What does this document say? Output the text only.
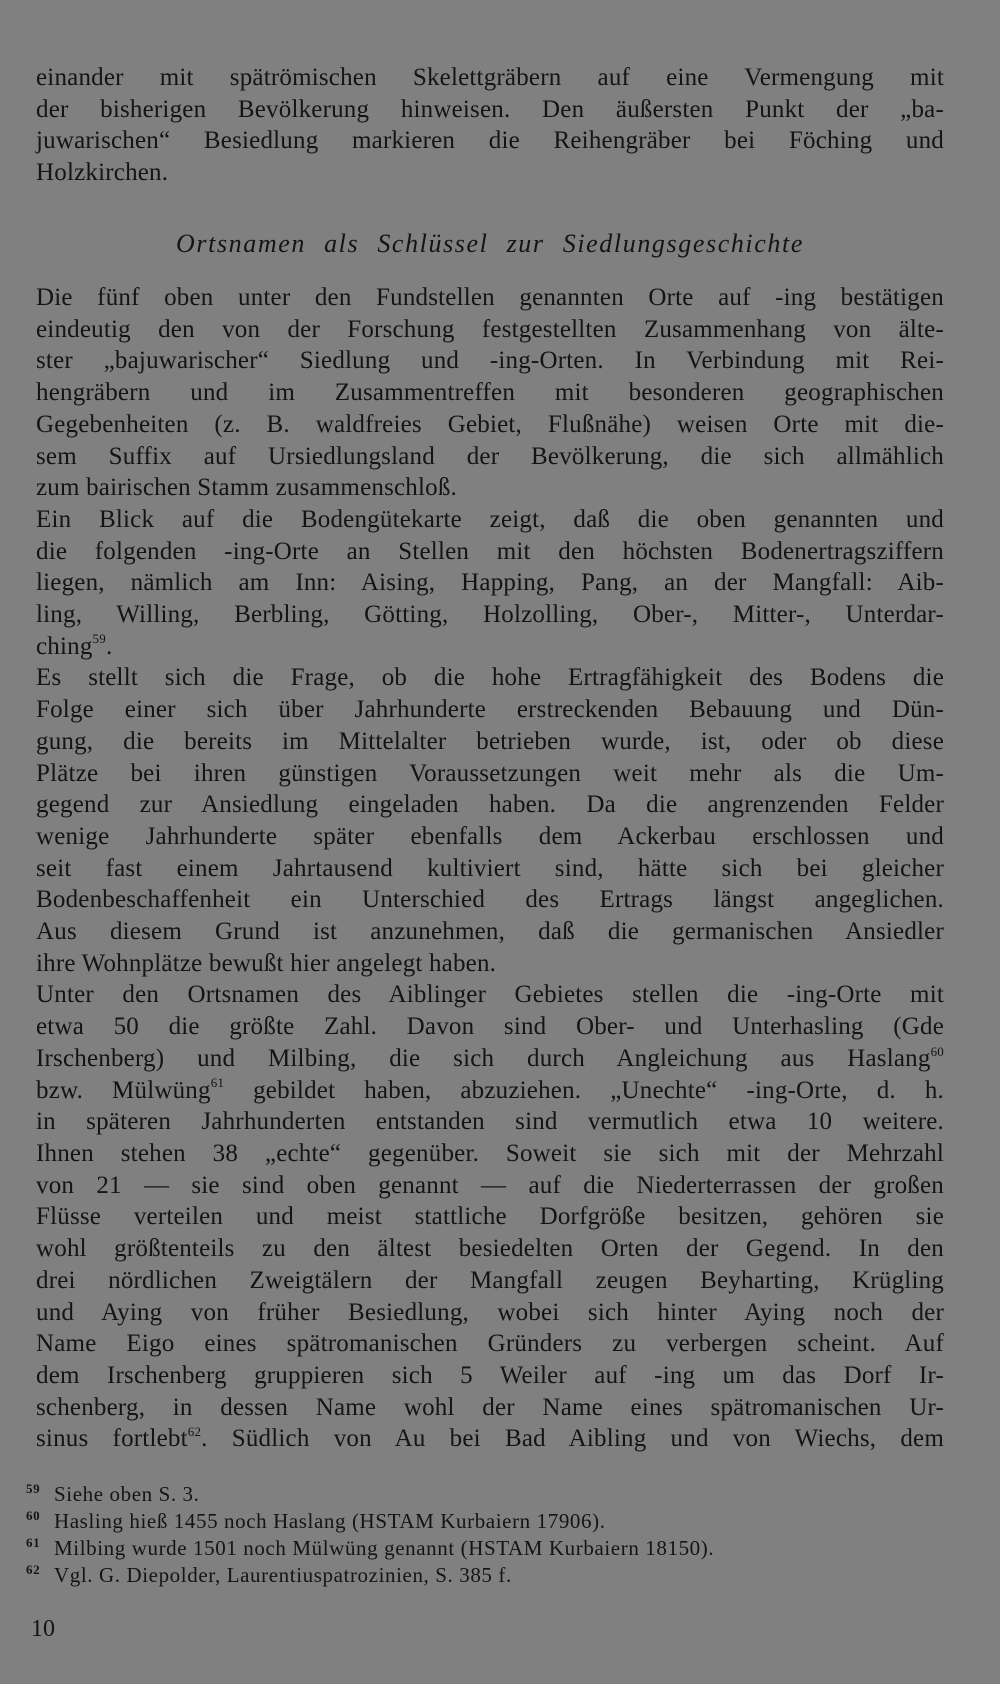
einander mit spätrömischen Skelettgräbern auf eine Vermengung mit
der bisherigen Bevölkerung hinweisen. Den äußersten Punkt der „ba-
juwarischen“ Besiedlung markieren die Reihengräber bei Föching und
Holzkirchen.
Ortsnamen als Schlüssel zur Siedlungsgeschichte
Die fünf oben unter den Fundstellen genannten Orte auf -ing bestätigen
eindeutig den von der Forschung festgestellten Zusammenhang von älte-
ster „bajuwarischer“ Siedlung und -ing-Orten. In Verbindung mit Rei-
hengräbern und im Zusammentreffen mit besonderen geographischen
Gegebenheiten (z. B. waldfreies Gebiet, Flußnähe) weisen Orte mit die-
sem Suffix auf Ursiedlungsland der Bevölkerung, die sich allmählich
zum bairischen Stamm zusammenschloß.
Ein Blick auf die Bodengütekarte zeigt, daß die oben genannten und
die folgenden -ing-Orte an Stellen mit den höchsten Bodenertragsziffern
liegen, nämlich am Inn: Aising, Happing, Pang, an der Mangfall: Aib-
ling, Willing, Berbling, Götting, Holzolling, Ober-, Mitter-, Unterdar-
ching$^{59}$.
Es stellt sich die Frage, ob die hohe Ertragfähigkeit des Bodens die
Folge einer sich über Jahrhunderte erstreckenden Bebauung und Dün-
gung, die bereits im Mittelalter betrieben wurde, ist, oder ob diese
Plätze bei ihren günstigen Voraussetzungen weit mehr als die Um-
gegend zur Ansiedlung eingeladen haben. Da die angrenzenden Felder
wenige Jahrhunderte später ebenfalls dem Ackerbau erschlossen und
seit fast einem Jahrtausend kultiviert sind, hätte sich bei gleicher
Bodenbeschaffenheit ein Unterschied des Ertrags längst angeglichen.
Aus diesem Grund ist anzunehmen, daß die germanischen Ansiedler
ihre Wohnplätze bewußt hier angelegt haben.
Unter den Ortsnamen des Aiblinger Gebietes stellen die -ing-Orte mit
etwa 50 die größte Zahl. Davon sind Ober- und Unterhasling (Gde
Irschenberg) und Milbing, die sich durch Angleichung aus Haslang$^{60}$
bzw. Mülwüng$^{61}$ gebildet haben, abzuziehen. „Unechte“ -ing-Orte, d. h.
in späteren Jahrhunderten entstanden sind vermutlich etwa 10 weitere.
Ihnen stehen 38 „echte“ gegenüber. Soweit sie sich mit der Mehrzahl
von 21 — sie sind oben genannt — auf die Niederterrassen der großen
Flüsse verteilen und meist stattliche Dorfgröße besitzen, gehören sie
wohl größtenteils zu den ältest besiedelten Orten der Gegend. In den
drei nördlichen Zweigtälern der Mangfall zeugen Beyharting, Krügling
und Aying von früher Besiedlung, wobei sich hinter Aying noch der
Name Eigo eines spätromanischen Gründers zu verbergen scheint. Auf
dem Irschenberg gruppieren sich 5 Weiler auf -ing um das Dorf Ir-
schenberg, in dessen Name wohl der Name eines spätromanischen Ur-
sinus fortlebt$^{62}$. Südlich von Au bei Bad Aibling und von Wiechs, dem
59 Siehe oben S. 3.
60 Hasling hieß 1455 noch Haslang (HSTAM Kurbaiern 17906).
61 Milbing wurde 1501 noch Mülwüng genannt (HSTAM Kurbaiern 18150).
62 Vgl. G. Diepolder, Laurentiuspatrozinien, S. 385 f.
10
